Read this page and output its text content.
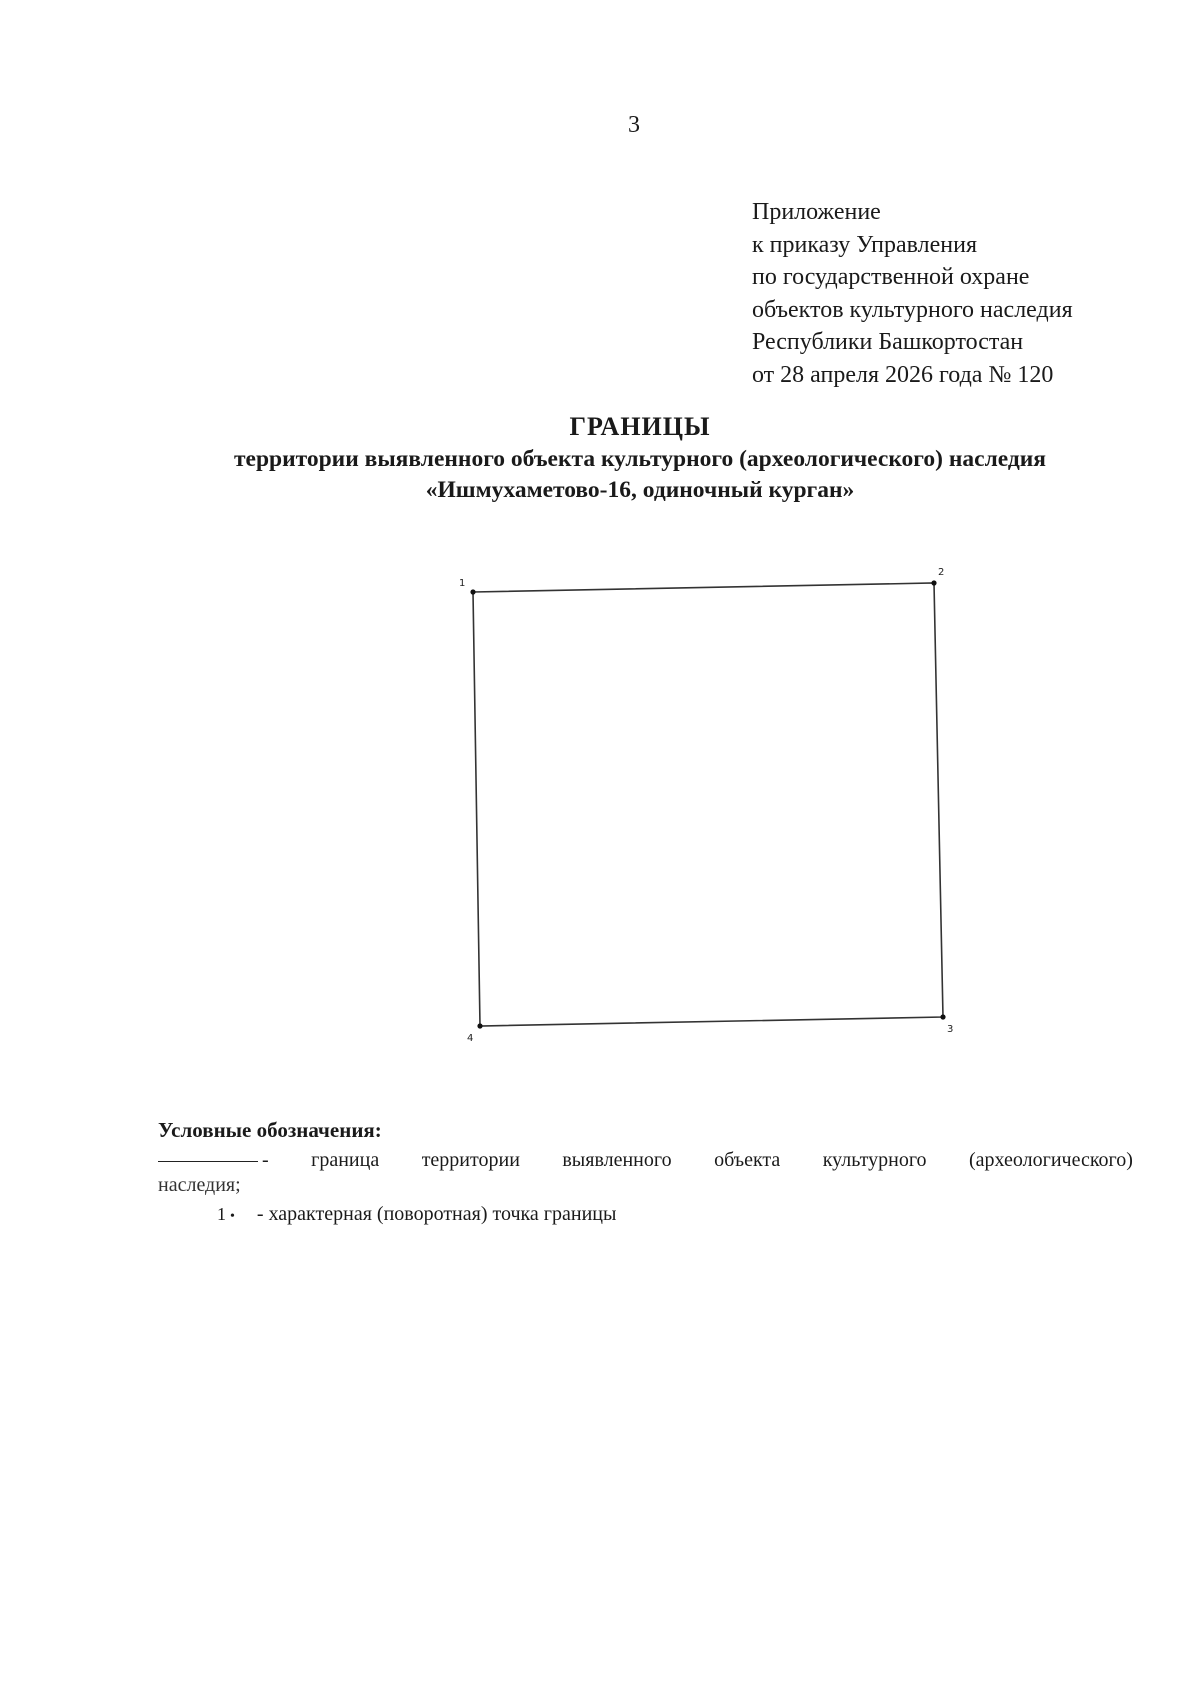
3
Приложение
к приказу Управления
по государственной охране
объектов культурного наследия
Республики Башкортостан
от 28 апреля 2026 года № 120
ГРАНИЦЫ
территории выявленного объекта культурного (археологического) наследия
«Ишмухаметово-16, одиночный курган»
1
2
3
4
Условные обозначения:
- граница территории выявленного объекта культурного (археологического)
наследия;
1 • - характерная (поворотная) точка границы
